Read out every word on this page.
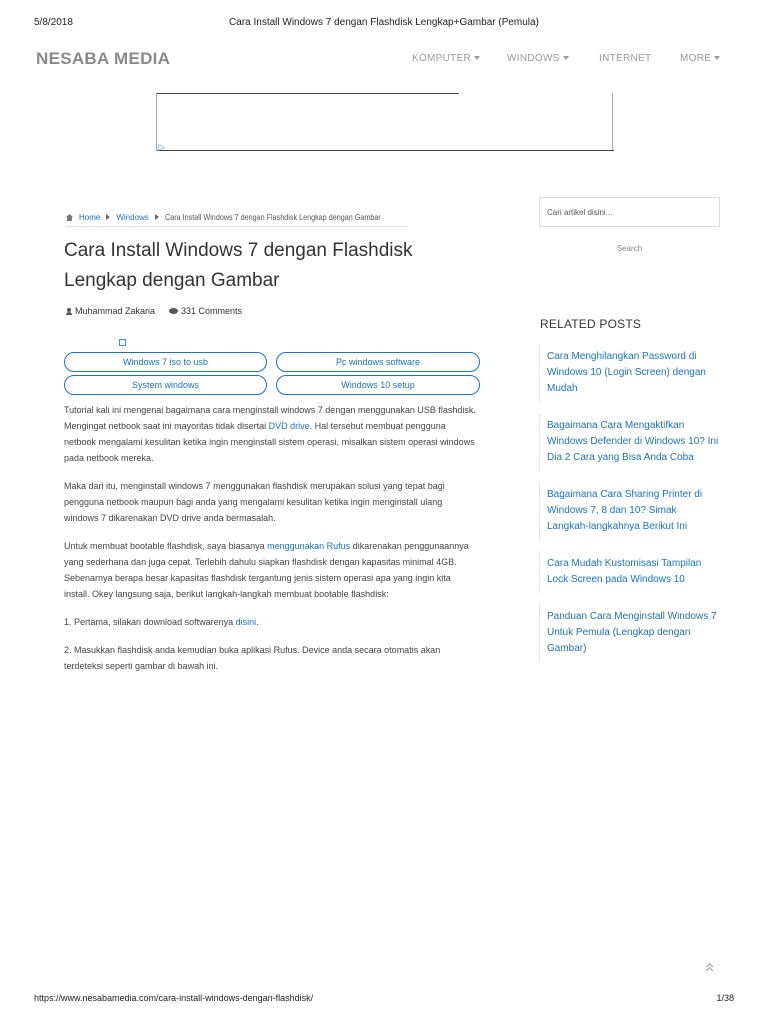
5/8/2018	Cara Install Windows 7 dengan Flashdisk Lengkap+Gambar (Pemula)
NESABA MEDIA	KOMPUTER	WINDOWS	INTERNET	MORE
▷
Home Windows Cara Install Windows 7 dengan Flashdisk Lengkap dengan Gambar
Cara Install Windows 7 dengan Flashdisk Lengkap dengan Gambar
Muhammad Zakaria	331 Comments
Windows 7 iso to usb	Pc windows software
System windows	Windows 10 setup

Tutorial kali ini mengenai bagaimana cara menginstall windows 7 dengan menggunakan USB flashdisk. Mengingat netbook saat ini mayoritas tidak disertai DVD drive. Hal tersebut membuat pengguna netbook mengalami kesulitan ketika ingin menginstall sistem operasi, misalkan sistem operasi windows pada netbook mereka.

Maka dari itu, menginstall windows 7 menggunakan flashdisk merupakan solusi yang tepat bagi pengguna netbook maupun bagi anda yang mengalami kesulitan ketika ingin menginstall ulang windows 7 dikarenakan DVD drive anda bermasalah.

Untuk membuat bootable flashdisk, saya biasanya menggunakan Rufus dikarenakan penggunaannya yang sederhana dan juga cepat. Terlebih dahulu siapkan flashdisk dengan kapasitas minimal 4GB. Sebenarnya berapa besar kapasitas flashdisk tergantung jenis sistem operasi apa yang ingin kita install. Okey langsung saja, berikut langkah-langkah membuat bootable flashdisk:

1. Pertama, silakan download softwarenya disini.

2. Masukkan flashdisk anda kemudian buka aplikasi Rufus. Device anda secara otomatis akan terdeteksi seperti gambar di bawah ini.

Cari artikel disini...
Search
RELATED POSTS
Cara Menghilangkan Password di Windows 10 (Login Screen) dengan Mudah
Bagaimana Cara Mengaktifkan Windows Defender di Windows 10? Ini Dia 2 Cara yang Bisa Anda Coba
Bagaimana Cara Sharing Printer di Windows 7, 8 dan 10? Simak Langkah-langkahnya Berikut Ini
Cara Mudah Kustomisasi Tampilan Lock Screen pada Windows 10
Panduan Cara Menginstall Windows 7 Untuk Pemula (Lengkap dengan Gambar)
https://www.nesabamedia.com/cara-install-windows-dengan-flashdisk/	1/38
